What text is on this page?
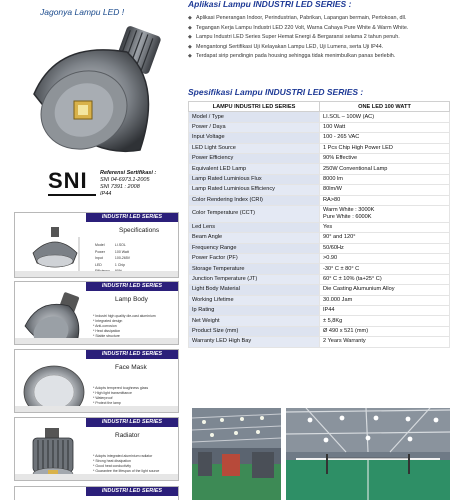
Jagonya Lampu LED !
SNI Referensi Sertifikasi :
SNI 04-6973.1-2005
SNI 7391 : 2008
IP44
INDUSTRI LED SERIES
Specifications
Model	LI.SOL
Power	100 Watt
Input	100-265V
LED	1 Chip

INDUSTRI LED SERIES
Lamp Body
* Industri high quality die-cast aluminium
* Integrated design
* Anti-corrosion
* Heat dissipation
* Stable structure
INDUSTRI LED SERIES
Face Mask
* Adopts tempered toughness glass
* High light transmittance
* Waterproof
* Protect the lamp
INDUSTRI LED SERIES
Radiator
* Adopts integrated aluminium radiator
* Strong heat dissipation
* Good heat conductivity
* Guarantee the lifespan of the light source
INDUSTRI LED SERIES
Aplikasi Lampu INDUSTRI LED SERIES :
◆ Aplikasi Penerangan Indoor, Perindustrian, Pabrikan, Lapangan bermain, Pertokoan, dll.
◆ Tegangan Kerja Lampu Industri LED 220 Volt, Warna Cahaya Pure White & Warm White.
◆ Lampu Industri LED Series Super Hemat Energi & Bergaransi selama 2 tahun penuh.
◆ Mengantongi Sertifikasi Uji Kelayakan Lampu LED, Uji Lumens, serta Uji IP44.
◆ Terdapat sirip pendingin pada housing sehingga tidak menimbulkan panas berlebih.
Spesifikasi Lampu INDUSTRI LED SERIES :
LAMPU INDUSTRI LED SERIES	ONE LED 100 WATT
Model / Type	LI.SOL – 100W (AC)
Power / Daya	100 Watt
Input Voltage	100 - 265 VAC
LED Light Source	1 Pcs Chip High Power LED
Power Efficiency	90% Effective
Equivalent LED Lamp	250W Conventional Lamp
Lamp Rated Luminious Flux	8000 lm
Lamp Rated Luminious Efficiency	80lm/W
Color Rendering Index (CRI)	RA>80
Color Temperature (CCT)	Warm White : 3000K
Pure White : 6000K

Led Lens	Yes
Beam Angle	90° and 120°
Frequency Range	50/60Hz
Power Factor (PF)	>0.90
Storage Temperature	-30° C ± 80° C
Junction Temperature (JT)	60° C ± 10% (ta+25° C)
Light Body Material	Die Casting Alumunium Alloy
Working Lifetime	30.000 Jam
Ip Rating	IP44
Net Weight	± 5,8Kg
Product Size (mm)	Ø 490 x 521 (mm)
Warranty LED High Bay	2 Years Warranty
